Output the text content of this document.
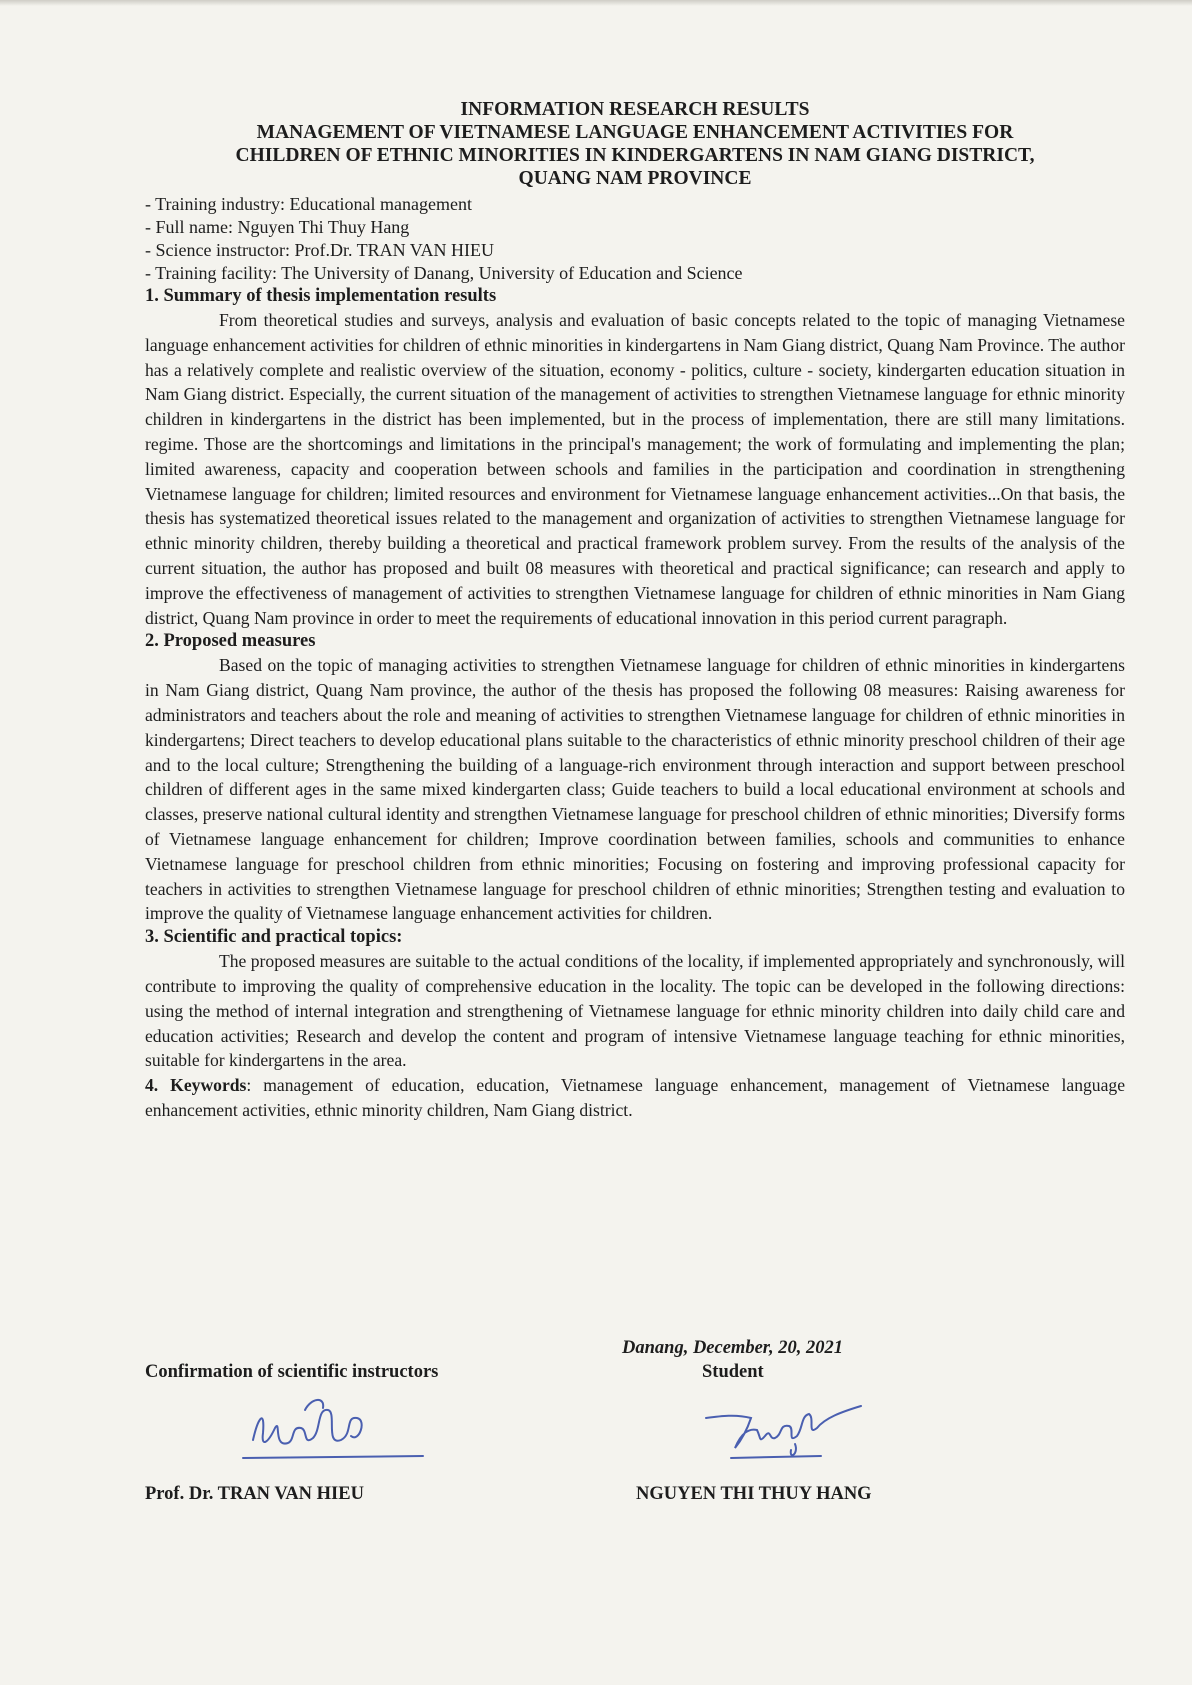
INFORMATION RESEARCH RESULTS
MANAGEMENT OF VIETNAMESE LANGUAGE ENHANCEMENT ACTIVITIES FOR
CHILDREN OF ETHNIC MINORITIES IN KINDERGARTENS IN NAM GIANG DISTRICT,
QUANG NAM PROVINCE
- Training industry: Educational management
- Full name: Nguyen Thi Thuy Hang
- Science instructor: Prof.Dr. TRAN VAN HIEU
- Training facility: The University of Danang, University of Education and Science
1. Summary of thesis implementation results

From theoretical studies and surveys, analysis and evaluation of basic concepts related to the topic of managing Vietnamese language enhancement activities for children of ethnic minorities in kindergartens in Nam Giang district, Quang Nam Province. The author has a relatively complete and realistic overview of the situation, economy - politics, culture - society, kindergarten education situation in Nam Giang district. Especially, the current situation of the management of activities to strengthen Vietnamese language for ethnic minority children in kindergartens in the district has been implemented, but in the process of implementation, there are still many limitations. regime. Those are the shortcomings and limitations in the principal's management; the work of formulating and implementing the plan; limited awareness, capacity and cooperation between schools and families in the participation and coordination in strengthening Vietnamese language for children; limited resources and environment for Vietnamese language enhancement activities...On that basis, the thesis has systematized theoretical issues related to the management and organization of activities to strengthen Vietnamese language for ethnic minority children, thereby building a theoretical and practical framework problem survey. From the results of the analysis of the current situation, the author has proposed and built 08 measures with theoretical and practical significance; can research and apply to improve the effectiveness of management of activities to strengthen Vietnamese language for children of ethnic minorities in Nam Giang district, Quang Nam province in order to meet the requirements of educational innovation in this period current paragraph.

2. Proposed measures

Based on the topic of managing activities to strengthen Vietnamese language for children of ethnic minorities in kindergartens in Nam Giang district, Quang Nam province, the author of the thesis has proposed the following 08 measures: Raising awareness for administrators and teachers about the role and meaning of activities to strengthen Vietnamese language for children of ethnic minorities in kindergartens; Direct teachers to develop educational plans suitable to the characteristics of ethnic minority preschool children of their age and to the local culture; Strengthening the building of a language-rich environment through interaction and support between preschool children of different ages in the same mixed kindergarten class; Guide teachers to build a local educational environment at schools and classes, preserve national cultural identity and strengthen Vietnamese language for preschool children of ethnic minorities; Diversify forms of Vietnamese language enhancement for children; Improve coordination between families, schools and communities to enhance Vietnamese language for preschool children from ethnic minorities; Focusing on fostering and improving professional capacity for teachers in activities to strengthen Vietnamese language for preschool children of ethnic minorities; Strengthen testing and evaluation to improve the quality of Vietnamese language enhancement activities for children.

3. Scientific and practical topics:

The proposed measures are suitable to the actual conditions of the locality, if implemented appropriately and synchronously, will contribute to improving the quality of comprehensive education in the locality. The topic can be developed in the following directions: using the method of internal integration and strengthening of Vietnamese language for ethnic minority children into daily child care and education activities; Research and develop the content and program of intensive Vietnamese language teaching for ethnic minorities, suitable for kindergartens in the area.

4. Keywords: management of education, education, Vietnamese language enhancement, management of Vietnamese language enhancement activities, ethnic minority children, Nam Giang district.

Danang, December, 20, 2021
Confirmation of scientific instructors	Student
Prof. Dr. TRAN VAN HIEU	NGUYEN THI THUY HANG
